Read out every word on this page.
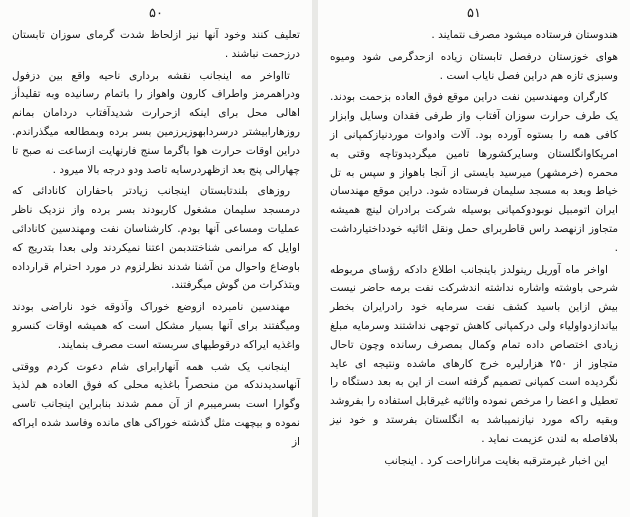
۵۰

تعلیف کنند وخود آنها نیز ازلحاظ شدت گرمای سوزان تابستان درزحمت نباشند .

تااواخر مه اینجانب نقشه برداری ناحیه واقع بین دزفول ودراهمرمز واطراف کارون واهواز را باتمام رسانیده وبه تقلیدأز اهالی محل برای اینکه ازحرارت شدیدآفتاب دردامان بمانم روزهارابیشتر درسردابهوزیرزمین بسر برده وبمطالعه میگذراندم. دراین اوقات حرارت هوا باگرما سنج فارنهایت ازساعت نه صبح تا چهارالی پنج بعد ازظهردرسایه تاصد ودو درجه بالا میرود .

روزهای بلندتابستان اینجانب زیادتر باحفاران کانادائی که درمسجد سلیمان مشغول کاربودند بسر برده واز نزدیک ناظر عملیات ومساعی آنها بودم. کارشناسان نفت ومهندسین کانادائی اوایل که مرانمی شناختندبمن اعتنا نمیکردند ولی بعدا بتدریج که باوضاع واحوال من آشنا شدند نظرلزوم در مورد احترام قرارداده وبتذکرات من گوش میگرفتند.

مهندسین نامبرده ازوضع خوراک وآذوقه خود ناراضی بودند وميگفتند برای آنها بسیار مشکل است که همیشه اوقات کنسرو واغذیه ایراکه درقوطیهای سربسته است مصرف بنمایند.

اینجانب یک شب همه آنهارابرای شام دعوت کردم ووقتی آنهاسدیدندکه من منحصراً باغذیه محلی که فوق العاده هم لذیذ وگوارا است بسرمیبرم از آن ممم شدند بنابراین اینجانب تاسی نموده و بیچهت مثل گذشته خوراکی های مانده وفاسد شده ایراکه از

۵۱

هندوستان فرستاده میشود مصرف نتمایند .

هوای خوزستان درفصل تابستان زیاده ازحدگرمی شود ومیوه وسبزی تازه هم دراین فصل نایاب است .

کارگران ومهندسین نفت دراین موقع فوق العاده بزحمت بودند. یک طرف حرارت سوزان آفتاب واز طرفی فقدان وسایل وابزار کافی همه را بستوه آورده بود. آلات وادوات موردنیازکمپانی از امریکاوانگلستان وسایرکشورها تامین میگردیدوتاچه وقتی به محمره (خرمشهر) میرسید بایستی از آنجا باهواز و سپس به تل خیاط وبعد به مسجد سلیمان فرستاده شود. دراین موقع مهندسان ایران اتومبیل نوبودوکمپانی بوسیله شرکت برادران لینچ همیشه متجاوز ازنهصد راس قاطربرای حمل ونقل اثاثیه خودداختیارداشت .

اواخر ماه آوریل رینولدز باینجانب اطلاع دادکه رؤسای مربوطه شرحی باوشته واشاره نداشته اندشرکت نفت برمه حاضر نیست بیش ازاین باسید کشف نفت سرمایه خود رادرایران بخطر بیاندازدواولیاء ولی درکمپانی کاهش توجهی نداشتند وسرمایه مبلغ زیادی اختصاص داده تمام وکمال بمصرف رسانده وچون تاحال متجاوز از ۲۵۰ هزارلیره خرج کارهای ماشده ونتیجه ای عاید نگردیده است کمپانی تصمیم گرفته است از این به بعد دستگاه را تعطیل و اعضا را مرخص نموده واثاثیه غیرقابل استفاده را بفروشد وبقیه راکه مورد نیازنمیباشد به انگلستان بفرستد و خود نیز بلافاصله به لندن عزیمت نماید .

این اخبار غیرمترقبه بغایت مراناراحت کرد . اینجانب
